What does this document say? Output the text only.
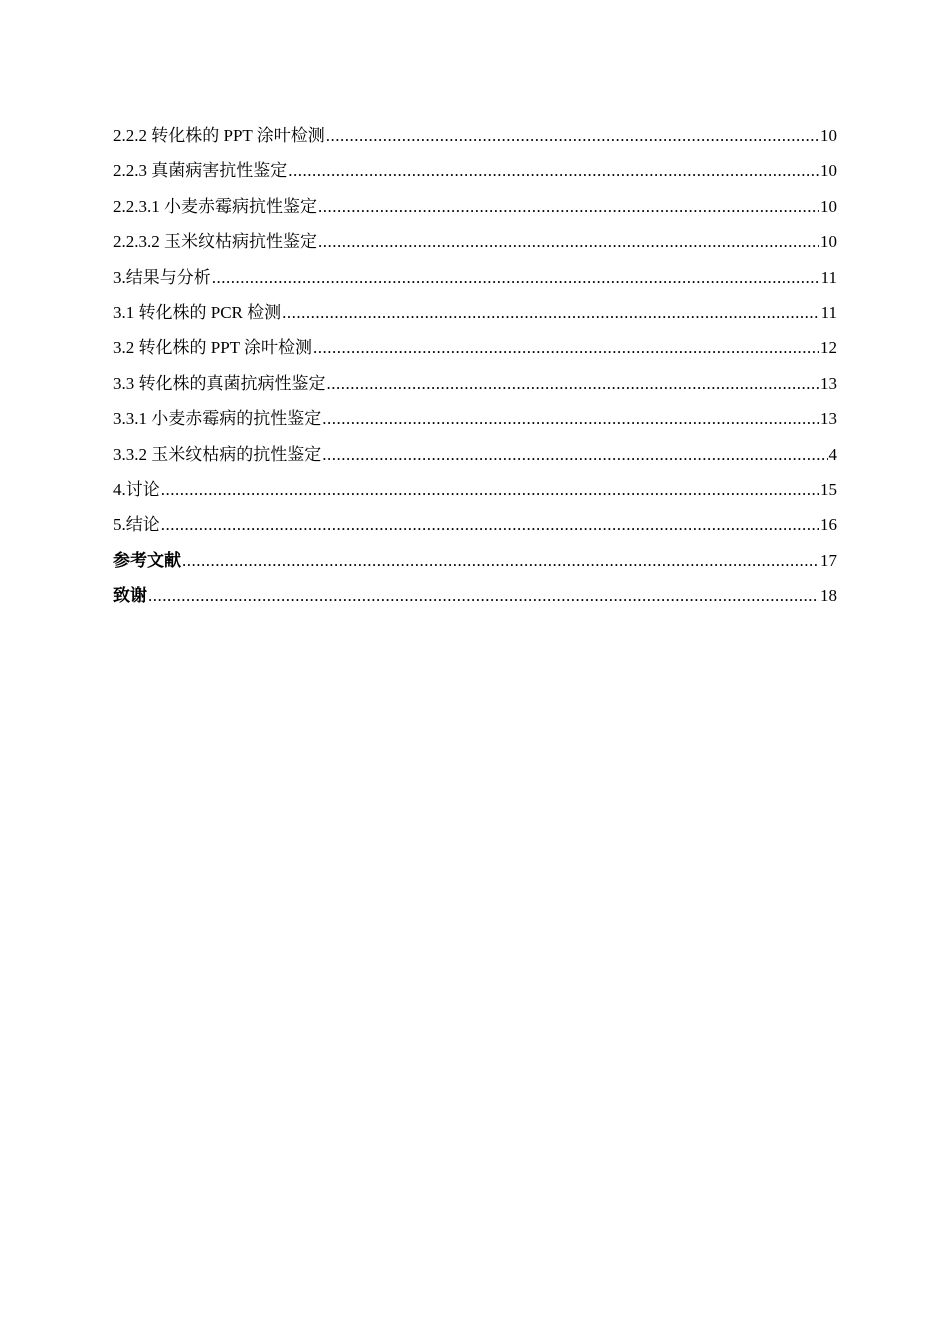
2.2.2 转化株的 PPT 涂叶检测 .....	10
2.2.3 真菌病害抗性鉴定 .....	10
2.2.3.1 小麦赤霉病抗性鉴定 .....	10
2.2.3.2 玉米纹枯病抗性鉴定 .....	10
3.结果与分析 .....	11
3.1 转化株的 PCR 检测 .....	11
3.2 转化株的 PPT 涂叶检测 .....	12
3.3 转化株的真菌抗病性鉴定 .....	13
3.3.1 小麦赤霉病的抗性鉴定 .....	13
3.3.2 玉米纹枯病的抗性鉴定 .....	4
4.讨论 .....	15
5.结论 .....	16
参考文献 .....	17
致谢 .....	18
